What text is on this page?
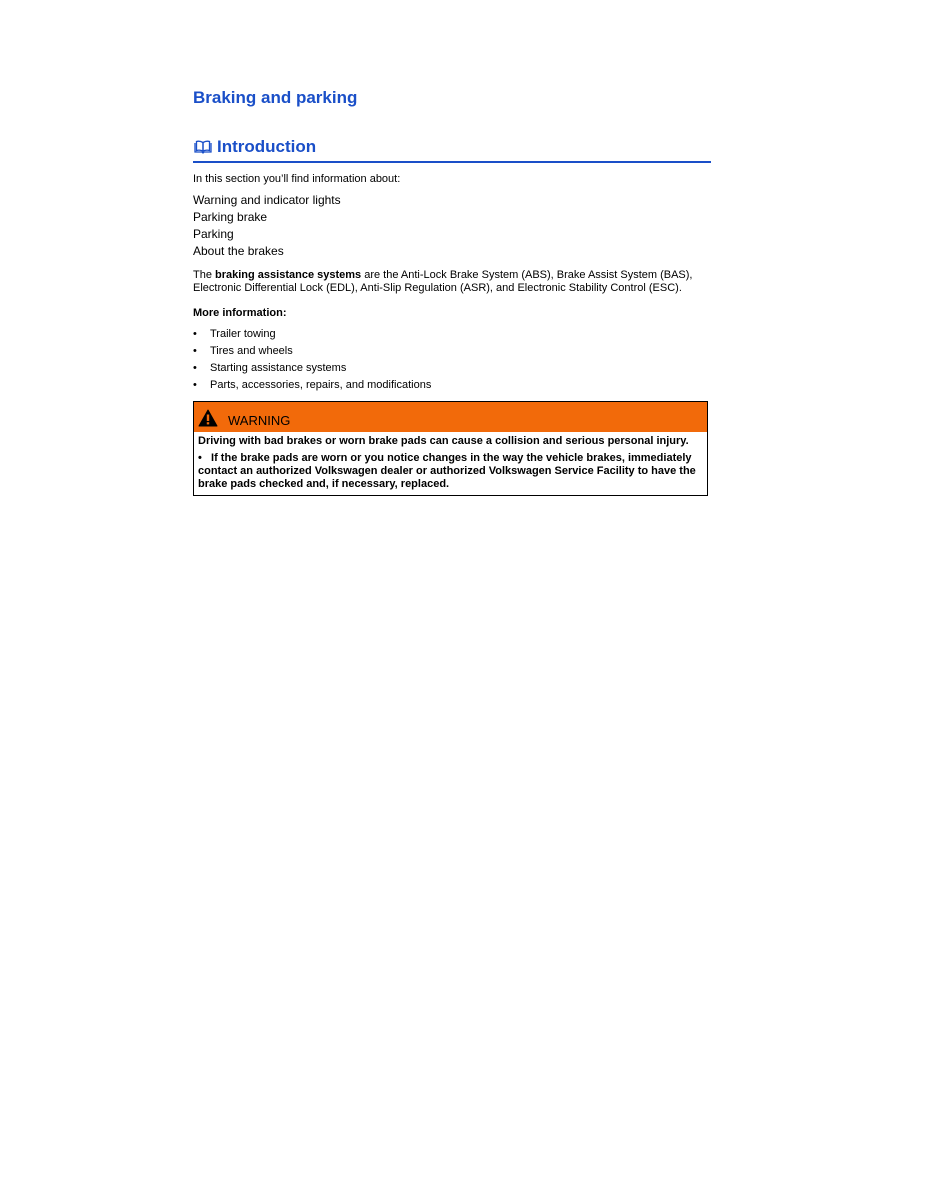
Braking and parking
Introduction
In this section you’ll find information about:
Warning and indicator lights
Parking brake
Parking
About the brakes
The braking assistance systems are the Anti-Lock Brake System (ABS), Brake Assist System (BAS), Electronic Differential Lock (EDL), Anti-Slip Regulation (ASR), and Electronic Stability Control (ESC).
More information:
•	Trailer towing
•	Tires and wheels
•	Starting assistance systems
•	Parts, accessories, repairs, and modifications
WARNING
Driving with bad brakes or worn brake pads can cause a collision and serious personal injury.
• If the brake pads are worn or you notice changes in the way the vehicle brakes, immediately contact an authorized Volkswagen dealer or authorized Volkswagen Service Facility to have the brake pads checked and, if necessary, replaced.
